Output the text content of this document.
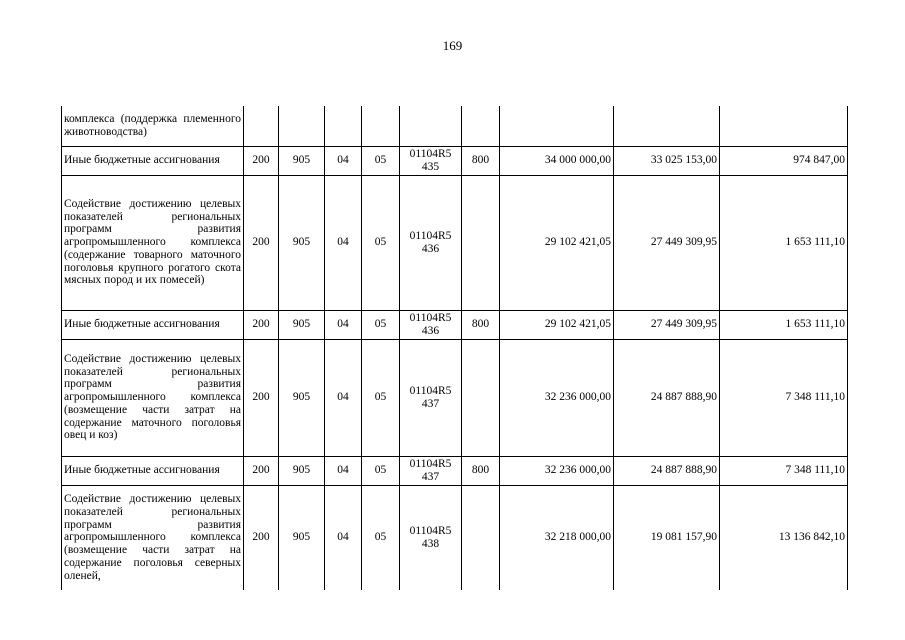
169
комплекса (поддержка племенного животноводства)									
Иные бюджетные ассигнования	200	905	04	05	01104R5 435	800	34 000 000,00	33 025 153,00	974 847,00
Содействие достижению целевых показателей региональных программ развития агропромышленного комплекса (содержание товарного маточного поголовья крупного рогатого скота мясных пород и их помесей)	200	905	04	05	01104R5 436		29 102 421,05	27 449 309,95	1 653 111,10
Иные бюджетные ассигнования	200	905	04	05	01104R5 436	800	29 102 421,05	27 449 309,95	1 653 111,10
Содействие достижению целевых показателей региональных программ развития агропромышленного комплекса (возмещение части затрат на содержание маточного поголовья овец и коз)	200	905	04	05	01104R5 437		32 236 000,00	24 887 888,90	7 348 111,10
Иные бюджетные ассигнования	200	905	04	05	01104R5 437	800	32 236 000,00	24 887 888,90	7 348 111,10
Содействие достижению целевых показателей региональных программ развития агропромышленного комплекса (возмещение части затрат на содержание поголовья северных оленей,	200	905	04	05	01104R5 438		32 218 000,00	19 081 157,90	13 136 842,10
